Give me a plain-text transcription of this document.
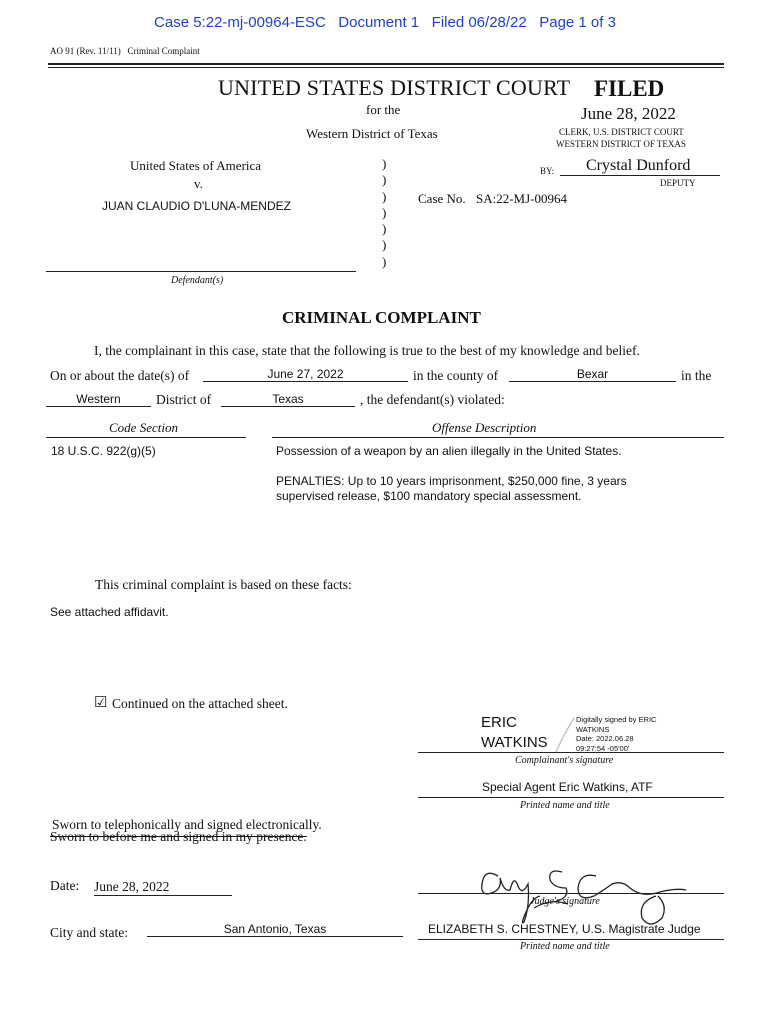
Case 5:22-mj-00964-ESC   Document 1   Filed 06/28/22   Page 1 of 3
AO 91 (Rev. 11/11)   Criminal Complaint
UNITED STATES DISTRICT COURT
for the
Western District of Texas
FILED
June 28, 2022
CLERK, U.S. DISTRICT COURT
WESTERN DISTRICT OF TEXAS
BY: Crystal Dunford
DEPUTY
United States of America
v.
JUAN CLAUDIO D'LUNA-MENDEZ
Defendant(s)
)
)
)
)
)
)
)
Case No. SA:22-MJ-00964
CRIMINAL COMPLAINT
I, the complainant in this case, state that the following is true to the best of my knowledge and belief.
On or about the date(s) of	June 27, 2022	in the county of	Bexar	in the
Western	District of	Texas	, the defendant(s) violated:
Code Section	Offense Description
18 U.S.C. 922(g)(5)	Possession of a weapon by an alien illegally in the United States.
PENALTIES: Up to 10 years imprisonment, $250,000 fine, 3 years
supervised release, $100 mandatory special assessment.
This criminal complaint is based on these facts:
See attached affidavit.
☑ Continued on the attached sheet.
ERIC
WATKINS
Digitally signed by ERIC
WATKINS
Date: 2022.06.28
09:27:54 -05'00'
Complainant's signature
Special Agent Eric Watkins, ATF
Printed name and title
Sworn to telephonically and signed electronically.
Sworn to before me and signed in my presence.
Date: June 28, 2022
Judge's signature
City and state:	San Antonio, Texas	ELIZABETH S. CHESTNEY, U.S. Magistrate Judge
Printed name and title
